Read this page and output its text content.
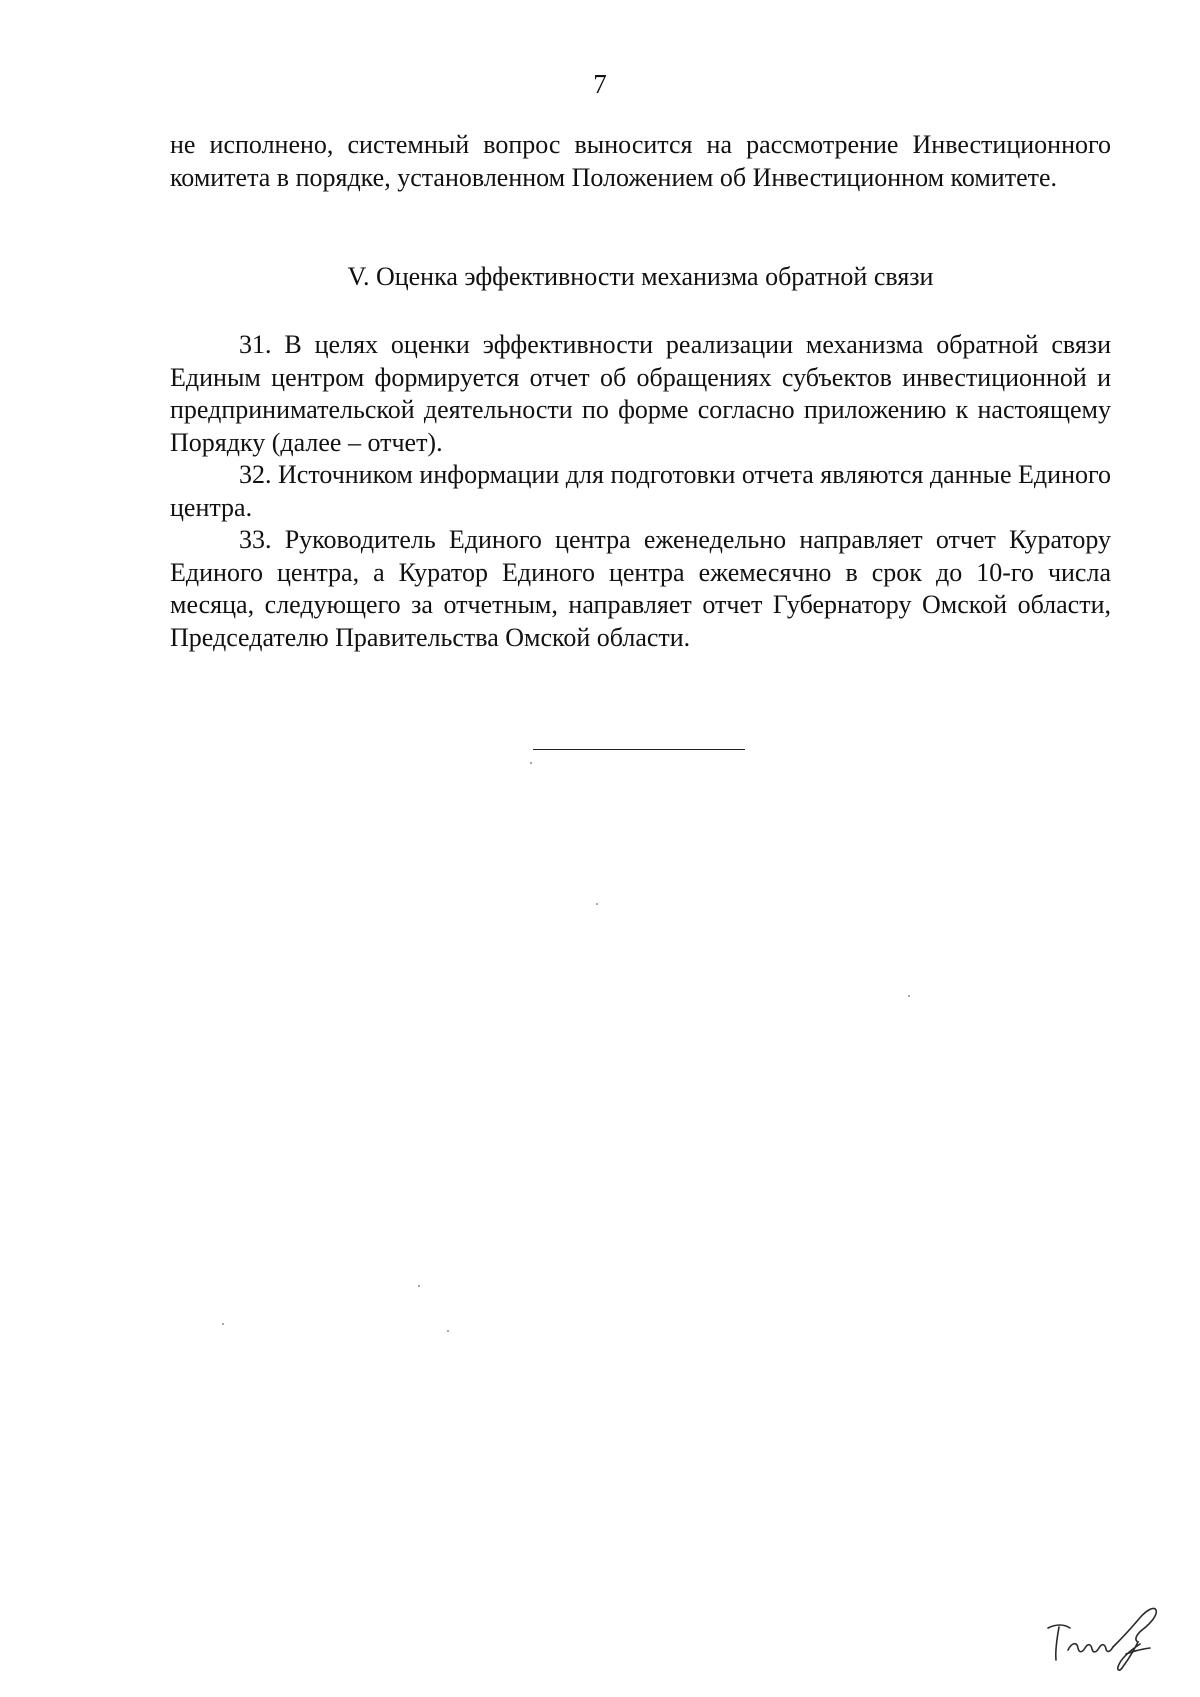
7

не исполнено, системный вопрос выносится на рассмотрение Инвестиционного комитета в порядке, установленном Положением об Инвестиционном комитете.

V. Оценка эффективности механизма обратной связи

31. В целях оценки эффективности реализации механизма обратной связи Единым центром формируется отчет об обращениях субъектов инвестиционной и предпринимательской деятельности по форме согласно приложению к настоящему Порядку (далее – отчет).

32. Источником информации для подготовки отчета являются данные Единого центра.

33. Руководитель Единого центра еженедельно направляет отчет Куратору Единого центра, а Куратор Единого центра ежемесячно в срок до 10-го числа месяца, следующего за отчетным, направляет отчет Губернатору Омской области, Председателю Правительства Омской области.
